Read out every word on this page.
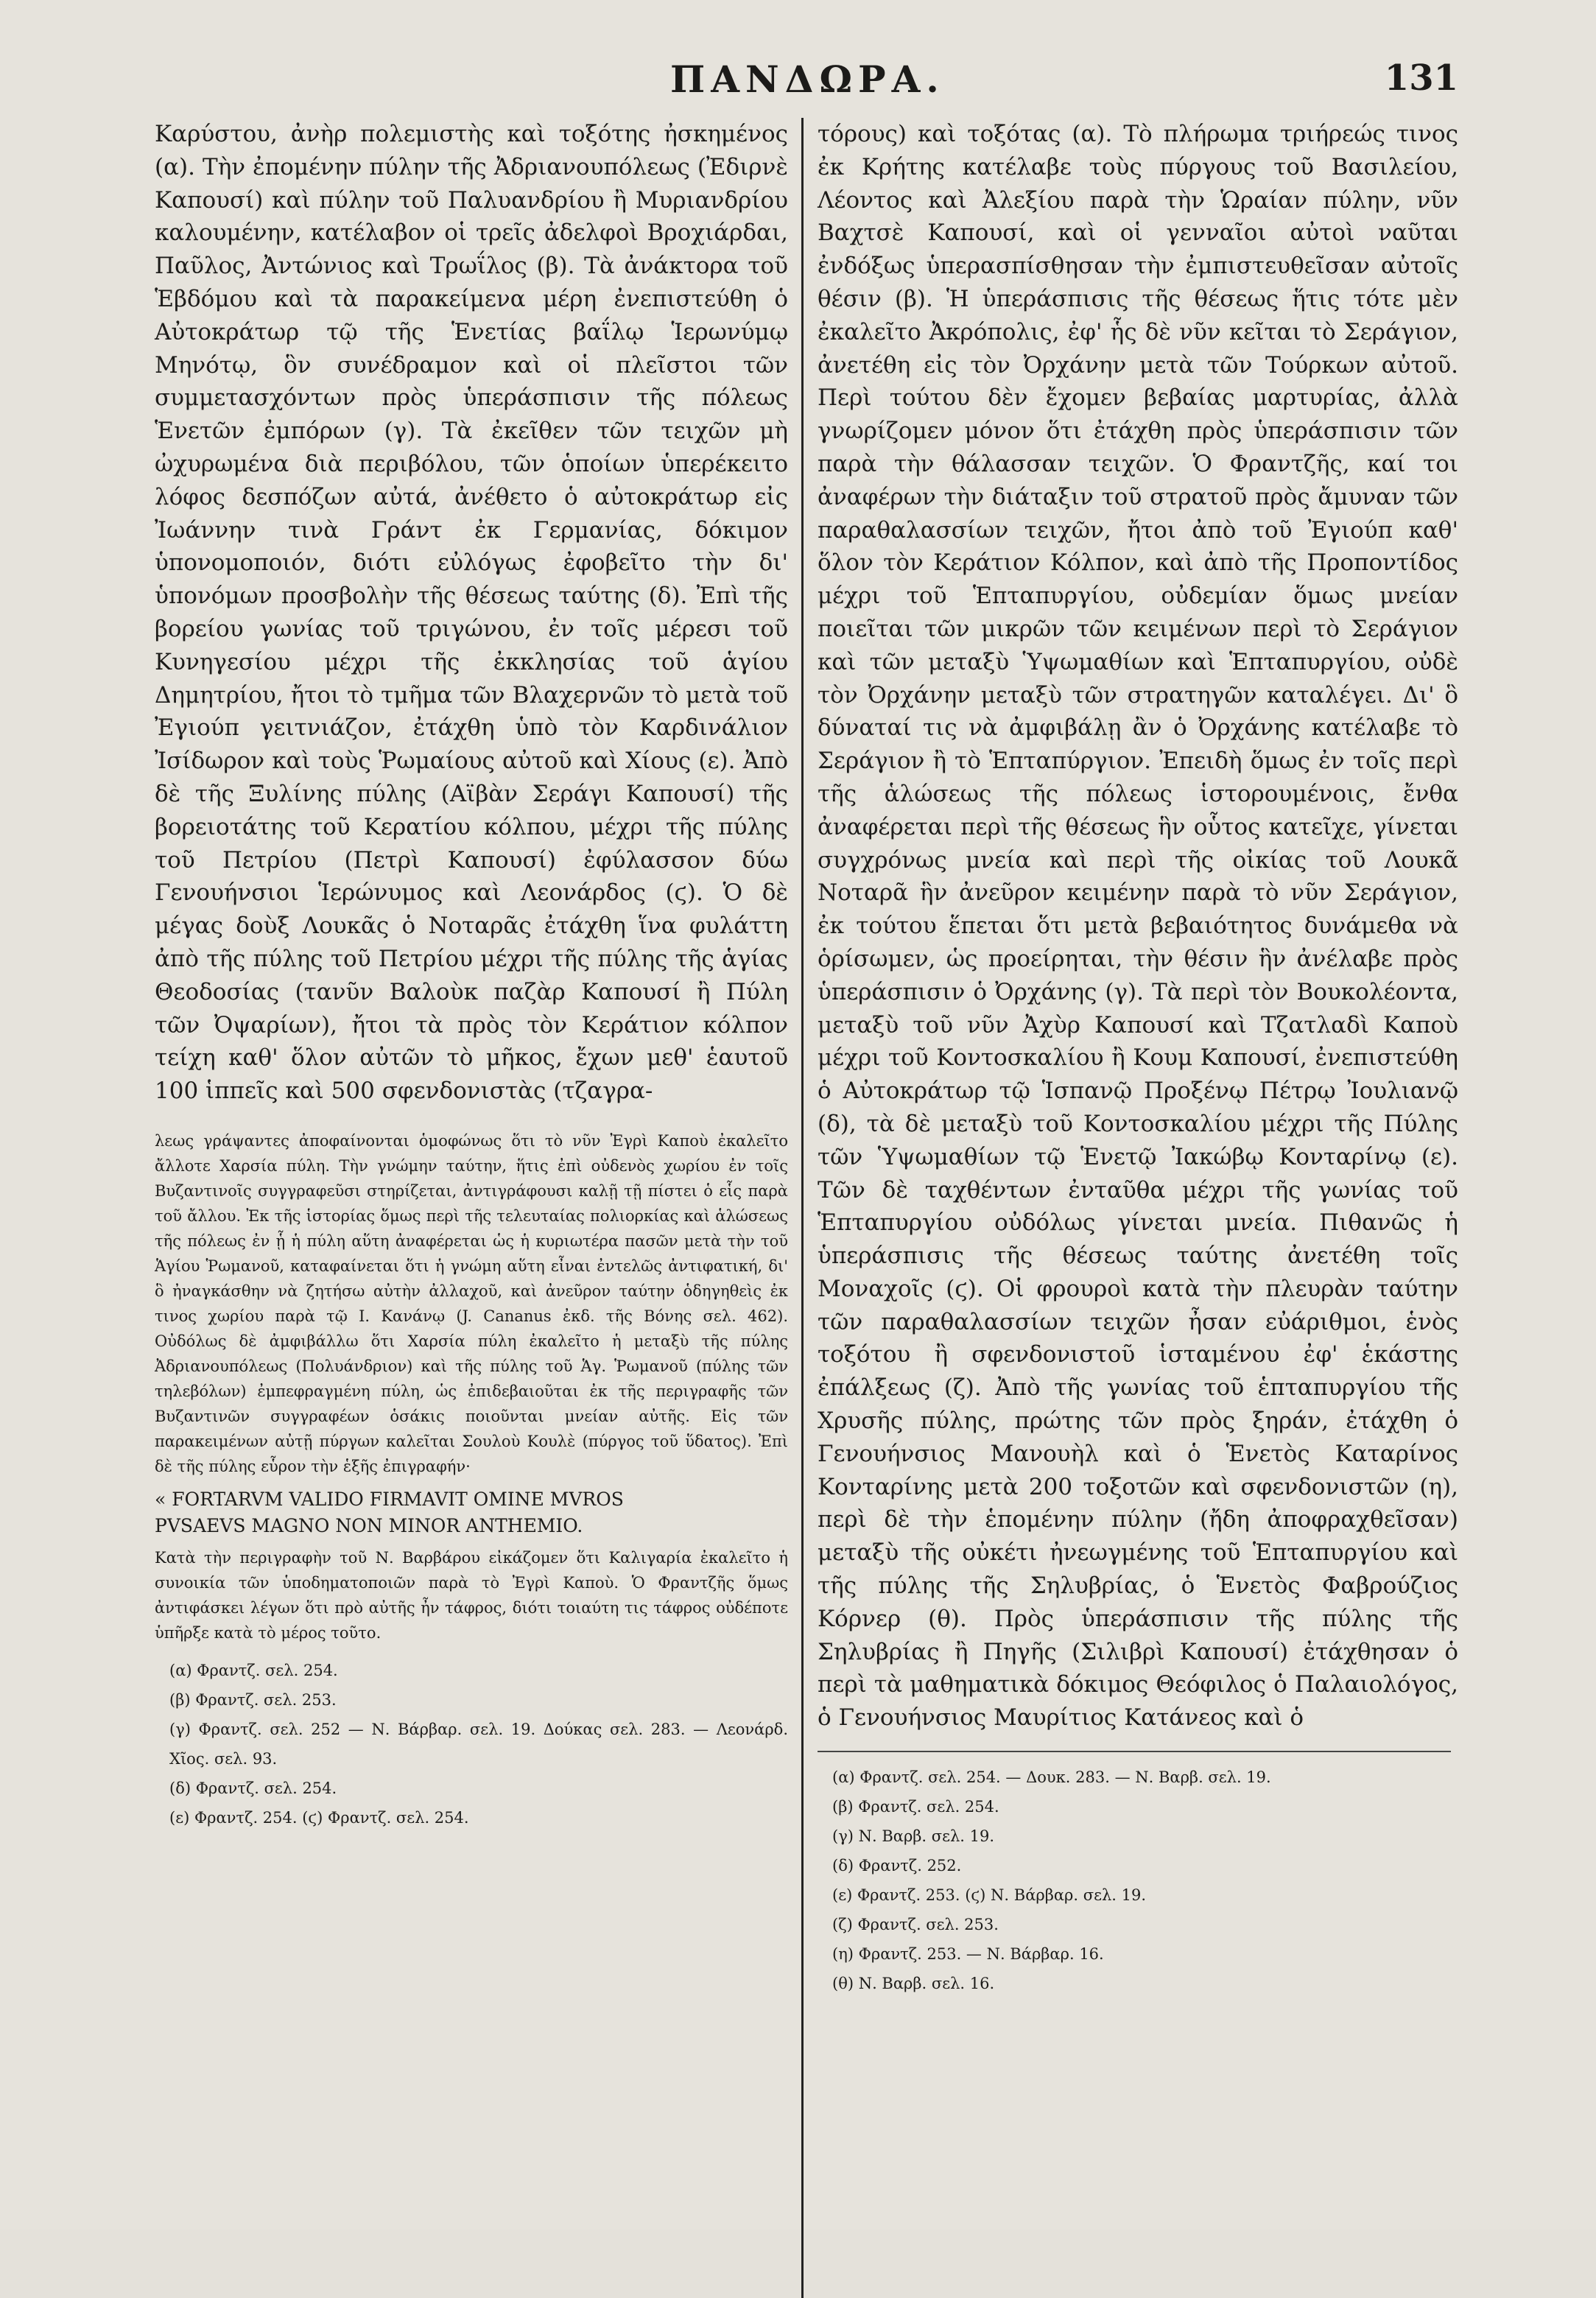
ΠΑΝΔΩΡΑ.	131

Καρύστου, ἀνὴρ πολεμιστὴς καὶ τοξότης ἠσκημένος (α). Τὴν ἐπομένην πύλην τῆς Ἀδριανουπόλεως (Ἐδιρνὲ Καπουσί) καὶ πύλην τοῦ Παλυανδρίου ἢ Μυριανδρίου καλουμένην, κατέλαβον οἱ τρεῖς ἀδελφοὶ Βροχιάρδαι, Παῦλος, Ἀντώνιος καὶ Τρωΐλος (β). Τὰ ἀνάκτορα τοῦ Ἑβδόμου καὶ τὰ παρακείμενα μέρη ἐνεπιστεύθη ὁ Αὐτοκράτωρ τῷ τῆς Ἑνετίας βαΐλῳ Ἱερωνύμῳ Μηνότῳ, ὃν συνέδραμον καὶ οἱ πλεῖστοι τῶν συμμετασχόντων πρὸς ὑπεράσπισιν τῆς πόλεως Ἑνετῶν ἐμπόρων (γ). Τὰ ἐκεῖθεν τῶν τειχῶν μὴ ὠχυρωμένα διὰ περιβόλου, τῶν ὁποίων ὑπερέκειτο λόφος δεσπόζων αὐτά, ἀνέθετο ὁ αὐτοκράτωρ εἰς Ἰωάννην τινὰ Γράντ ἐκ Γερμανίας, δόκιμον ὑπονομοποιόν, διότι εὐλόγως ἐφοβεῖτο τὴν δι' ὑπονόμων προσβολὴν τῆς θέσεως ταύτης (δ). Ἐπὶ τῆς βορείου γωνίας τοῦ τριγώνου, ἐν τοῖς μέρεσι τοῦ Κυνηγεσίου μέχρι τῆς ἐκκλησίας τοῦ ἁγίου Δημητρίου, ἤτοι τὸ τμῆμα τῶν Βλαχερνῶν τὸ μετὰ τοῦ Ἐγιούπ γειτνιάζον, ἐτάχθη ὑπὸ τὸν Καρδινάλιον Ἰσίδωρον καὶ τοὺς Ῥωμαίους αὐτοῦ καὶ Χίους (ε). Ἀπὸ δὲ τῆς Ξυλίνης πύλης (Αϊβὰν Σεράγι Καπουσί) τῆς βορειοτάτης τοῦ Κερατίου κόλπου, μέχρι τῆς πύλης τοῦ Πετρίου (Πετρὶ Καπουσί) ἐφύλασσον δύω Γενουήνσιοι Ἱερώνυμος καὶ Λεονάρδος (ϛ). Ὁ δὲ μέγας δοὺξ Λουκᾶς ὁ Νοταρᾶς ἐτάχθη ἵνα φυλάττη ἀπὸ τῆς πύλης τοῦ Πετρίου μέχρι τῆς πύλης τῆς ἁγίας Θεοδοσίας (τανῦν Βαλοὺκ παζὰρ Καπουσί ἢ Πύλη τῶν Ὀψαρίων), ἤτοι τὰ πρὸς τὸν Κεράτιον κόλπον τείχη καθ' ὅλον αὐτῶν τὸ μῆκος, ἔχων μεθ' ἑαυτοῦ 100 ἱππεῖς καὶ 500 σφενδονιστὰς (τζαγρα-

λεως γράψαντες ἀποφαίνονται ὁμοφώνως ὅτι τὸ νῦν Ἐγρὶ Καποὺ ἐκαλεῖτο ἄλλοτε Χαρσία πύλη. Τὴν γνώμην ταύτην, ἥτις ἐπὶ οὐδενὸς χωρίου ἐν τοῖς Βυζαντινοῖς συγγραφεῦσι στηρίζεται, ἀντιγράφουσι καλῇ τῇ πίστει ὁ εἷς παρὰ τοῦ ἄλλου. Ἐκ τῆς ἱστορίας ὅμως περὶ τῆς τελευταίας πολιορκίας καὶ ἁλώσεως τῆς πόλεως ἐν ᾗ ἡ πύλη αὕτη ἀναφέρεται ὡς ἡ κυριωτέρα πασῶν μετὰ τὴν τοῦ Ἁγίου Ῥωμανοῦ, καταφαίνεται ὅτι ἡ γνώμη αὕτη εἶναι ἐντελῶς ἀντιφατική, δι' ὃ ἠναγκάσθην νὰ ζητήσω αὐτὴν ἀλλαχοῦ, καὶ ἀνεῦρον ταύτην ὁδηγηθεὶς ἐκ τινος χωρίου παρὰ τῷ Ι. Κανάνῳ (J. Cananus ἐκδ. τῆς Βόνης σελ. 462). Οὐδόλως δὲ ἀμφιβάλλω ὅτι Χαρσία πύλη ἐκαλεῖτο ἡ μεταξὺ τῆς πύλης Ἀδριανουπόλεως (Πολυάνδριον) καὶ τῆς πύλης τοῦ Ἁγ. Ῥωμανοῦ (πύλης τῶν τηλεβόλων) ἐμπεφραγμένη πύλη, ὡς ἐπιδεβαιοῦται ἐκ τῆς περιγραφῆς τῶν Βυζαντινῶν συγγραφέων ὁσάκις ποιοῦνται μνείαν αὐτῆς. Εἰς τῶν παρακειμένων αὐτῇ πύργων καλεῖται Σουλοὺ Κουλὲ (πύργος τοῦ ὕδατος). Ἐπὶ δὲ τῆς πύλης εὗρον τὴν ἑξῆς ἐπιγραφήν·

« FORTARVM VALIDO FIRMAVIT OMINE MVROS
PVSAEVS MAGNO NON MINOR ANTHEMIO.

Κατὰ τὴν περιγραφὴν τοῦ Ν. Βαρβάρου εἰκάζομεν ὅτι Καλιγαρία ἐκαλεῖτο ἡ συνοικία τῶν ὑποδηματοποιῶν παρὰ τὸ Ἐγρὶ Καποὺ. Ὁ Φραντζῆς ὅμως ἀντιφάσκει λέγων ὅτι πρὸ αὐτῆς ἦν τάφρος, διότι τοιαύτη τις τάφρος οὐδέποτε ὑπῆρξε κατὰ τὸ μέρος τοῦτο.

(α) Φραντζ. σελ. 254.
(β) Φραντζ. σελ. 253.
(γ) Φραντζ. σελ. 252 — Ν. Βάρβαρ. σελ. 19. Δούκας σελ. 283. — Λεονάρδ. Χῖος. σελ. 93.
(δ) Φραντζ. σελ. 254.
(ε) Φραντζ. 254. (ϛ) Φραντζ. σελ. 254.

τόρους) καὶ τοξότας (α). Τὸ πλήρωμα τριήρεώς τινος ἐκ Κρήτης κατέλαβε τοὺς πύργους τοῦ Βασιλείου, Λέοντος καὶ Ἀλεξίου παρὰ τὴν Ὡραίαν πύλην, νῦν Βαχτσὲ Καπουσί, καὶ οἱ γενναῖοι αὐτοὶ ναῦται ἐνδόξως ὑπερασπίσθησαν τὴν ἐμπιστευθεῖσαν αὐτοῖς θέσιν (β). Ἡ ὑπεράσπισις τῆς θέσεως ἥτις τότε μὲν ἐκαλεῖτο Ἀκρόπολις, ἐφ' ἧς δὲ νῦν κεῖται τὸ Σεράγιον, ἀνετέθη εἰς τὸν Ὀρχάνην μετὰ τῶν Τούρκων αὐτοῦ. Περὶ τούτου δὲν ἔχομεν βεβαίας μαρτυρίας, ἀλλὰ γνωρίζομεν μόνον ὅτι ἐτάχθη πρὸς ὑπεράσπισιν τῶν παρὰ τὴν θάλασσαν τειχῶν. Ὁ Φραντζῆς, καί τοι ἀναφέρων τὴν διάταξιν τοῦ στρατοῦ πρὸς ἄμυναν τῶν παραθαλασσίων τειχῶν, ἤτοι ἀπὸ τοῦ Ἐγιούπ καθ' ὅλον τὸν Κεράτιον Κόλπον, καὶ ἀπὸ τῆς Προποντίδος μέχρι τοῦ Ἑπταπυργίου, οὐδεμίαν ὅμως μνείαν ποιεῖται τῶν μικρῶν τῶν κειμένων περὶ τὸ Σεράγιον καὶ τῶν μεταξὺ Ὑψωμαθίων καὶ Ἑπταπυργίου, οὐδὲ τὸν Ὀρχάνην μεταξὺ τῶν στρατηγῶν καταλέγει. Δι' ὃ δύναταί τις νὰ ἀμφιβάλῃ ἂν ὁ Ὀρχάνης κατέλαβε τὸ Σεράγιον ἢ τὸ Ἑπταπύργιον. Ἐπειδὴ ὅμως ἐν τοῖς περὶ τῆς ἁλώσεως τῆς πόλεως ἱστορουμένοις, ἔνθα ἀναφέρεται περὶ τῆς θέσεως ἣν οὗτος κατεῖχε, γίνεται συγχρόνως μνεία καὶ περὶ τῆς οἰκίας τοῦ Λουκᾶ Νοταρᾶ ἣν ἀνεῦρον κειμένην παρὰ τὸ νῦν Σεράγιον, ἐκ τούτου ἕπεται ὅτι μετὰ βεβαιότητος δυνάμεθα νὰ ὁρίσωμεν, ὡς προείρηται, τὴν θέσιν ἣν ἀνέλαβε πρὸς ὑπεράσπισιν ὁ Ὀρχάνης (γ). Τὰ περὶ τὸν Βουκολέοντα, μεταξὺ τοῦ νῦν Ἀχὺρ Καπουσί καὶ Τζατλαδὶ Καποὺ μέχρι τοῦ Κοντοσκαλίου ἢ Κουμ Καπουσί, ἐνεπιστεύθη ὁ Αὐτοκράτωρ τῷ Ἱσπανῷ Προξένῳ Πέτρῳ Ἰουλιανῷ (δ), τὰ δὲ μεταξὺ τοῦ Κοντοσκαλίου μέχρι τῆς Πύλης τῶν Ὑψωμαθίων τῷ Ἑνετῷ Ἰακώβῳ Κονταρίνῳ (ε). Τῶν δὲ ταχθέντων ἐνταῦθα μέχρι τῆς γωνίας τοῦ Ἑπταπυργίου οὐδόλως γίνεται μνεία. Πιθανῶς ἡ ὑπεράσπισις τῆς θέσεως ταύτης ἀνετέθη τοῖς Μοναχοῖς (ϛ). Οἱ φρουροὶ κατὰ τὴν πλευρὰν ταύτην τῶν παραθαλασσίων τειχῶν ἦσαν εὐάριθμοι, ἑνὸς τοξότου ἢ σφενδονιστοῦ ἱσταμένου ἐφ' ἑκάστης ἐπάλξεως (ζ). Ἀπὸ τῆς γωνίας τοῦ ἑπταπυργίου τῆς Χρυσῆς πύλης, πρώτης τῶν πρὸς ξηράν, ἐτάχθη ὁ Γενουήνσιος Μανουὴλ καὶ ὁ Ἑνετὸς Καταρίνος Κονταρίνης μετὰ 200 τοξοτῶν καὶ σφενδονιστῶν (η), περὶ δὲ τὴν ἑπομένην πύλην (ἤδη ἀποφραχθεῖσαν) μεταξὺ τῆς οὐκέτι ἠνεωγμένης τοῦ Ἑπταπυργίου καὶ τῆς πύλης τῆς Σηλυβρίας, ὁ Ἑνετὸς Φαβρούζιος Κόρνερ (θ). Πρὸς ὑπεράσπισιν τῆς πύλης τῆς Σηλυβρίας ἢ Πηγῆς (Σιλιβρὶ Καπουσί) ἐτάχθησαν ὁ περὶ τὰ μαθηματικὰ δόκιμος Θεόφιλος ὁ Παλαιολόγος, ὁ Γενουήνσιος Μαυρίτιος Κατάνεος καὶ ὁ

(α) Φραντζ. σελ. 254. — Δουκ. 283. — Ν. Βαρβ. σελ. 19.
(β) Φραντζ. σελ. 254.
(γ) Ν. Βαρβ. σελ. 19.
(δ) Φραντζ. 252.
(ε) Φραντζ. 253. (ϛ) Ν. Βάρβαρ. σελ. 19.
(ζ) Φραντζ. σελ. 253.
(η) Φραντζ. 253. — Ν. Βάρβαρ. 16.
(θ) Ν. Βαρβ. σελ. 16.
